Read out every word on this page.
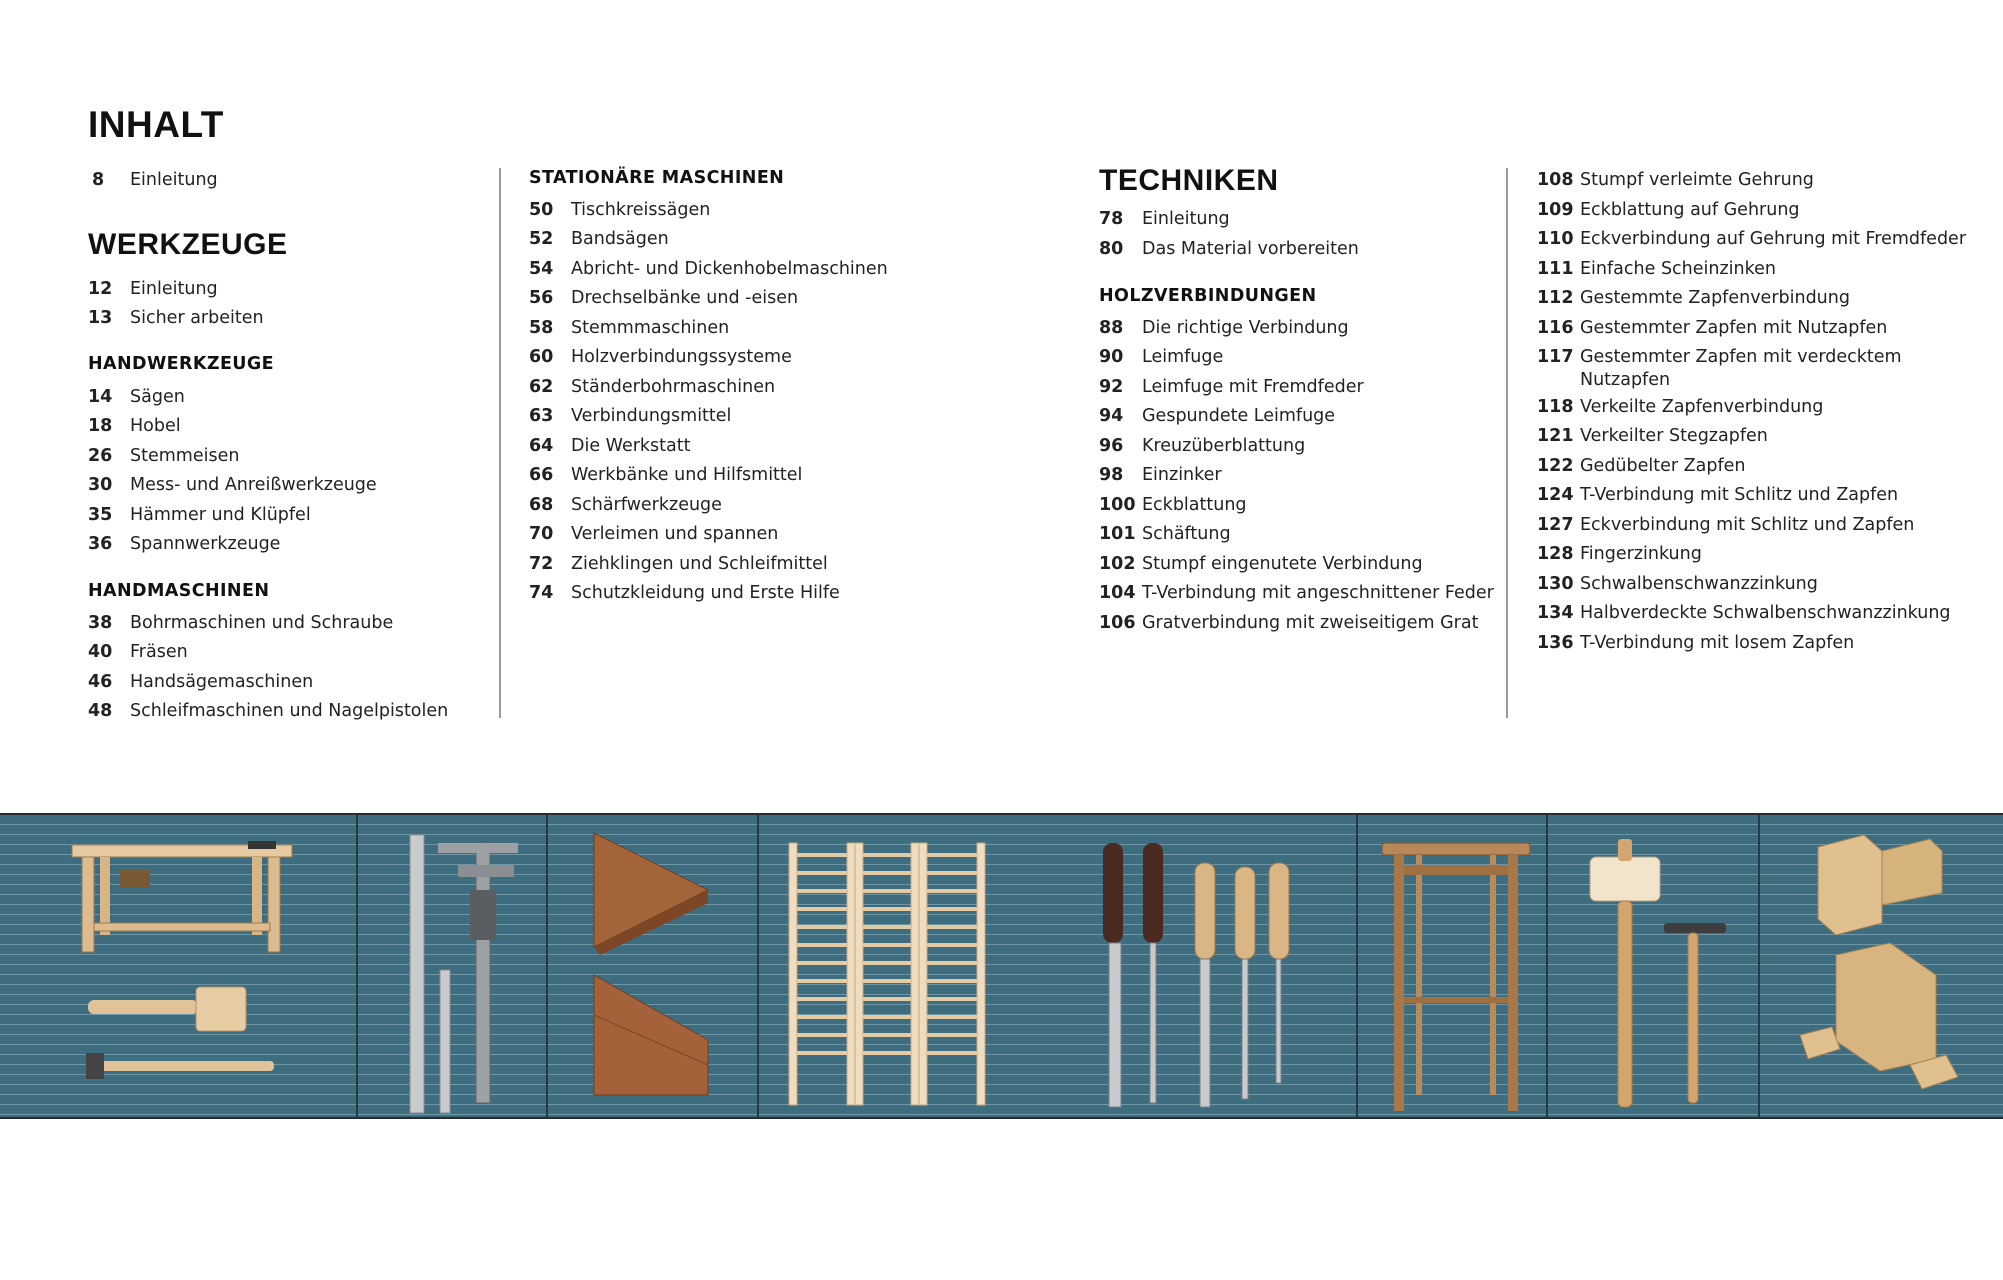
INHALT
8 Einleitung
WERKZEUGE
12 Einleitung
13 Sicher arbeiten
HANDWERKZEUGE
14 Sägen
18 Hobel
26 Stemmeisen
30 Mess- und Anreißwerkzeuge
35 Hämmer und Klüpfel
36 Spannwerkzeuge
HANDMASCHINEN
38 Bohrmaschinen und Schraube
40 Fräsen
46 Handsägemaschinen
48 Schleifmaschinen und Nagelpistolen
STATIONÄRE MASCHINEN
50 Tischkreissägen
52 Bandsägen
54 Abricht- und Dickenhobelmaschinen
56 Drechselbänke und -eisen
58 Stemmmaschinen
60 Holzverbindungssysteme
62 Ständerbohrmaschinen
63 Verbindungsmittel
64 Die Werkstatt
66 Werkbänke und Hilfsmittel
68 Schärfwerkzeuge
70 Verleimen und spannen
72 Ziehklingen und Schleifmittel
74 Schutzkleidung und Erste Hilfe
TECHNIKEN
78 Einleitung
80 Das Material vorbereiten
HOLZVERBINDUNGEN
88 Die richtige Verbindung
90 Leimfuge
92 Leimfuge mit Fremdfeder
94 Gespundete Leimfuge
96 Kreuzüberblattung
98 Einzinker
100 Eckblattung
101 Schäftung
102 Stumpf eingenutete Verbindung
104 T-Verbindung mit angeschnittener Feder
106 Gratverbindung mit zweiseitigem Grat
108 Stumpf verleimte Gehrung
109 Eckblattung auf Gehrung
110 Eckverbindung auf Gehrung mit Fremdfeder
111 Einfache Scheinzinken
112 Gestemmte Zapfenverbindung
116 Gestemmter Zapfen mit Nutzapfen
117 Gestemmter Zapfen mit verdecktem
Nutzapfen
118 Verkeilte Zapfenverbindung
121 Verkeilter Stegzapfen
122 Gedübelter Zapfen
124 T-Verbindung mit Schlitz und Zapfen
127 Eckverbindung mit Schlitz und Zapfen
128 Fingerzinkung
130 Schwalbenschwanzzinkung
134 Halbverdeckte Schwalbenschwanzzinkung
136 T-Verbindung mit losem Zapfen
